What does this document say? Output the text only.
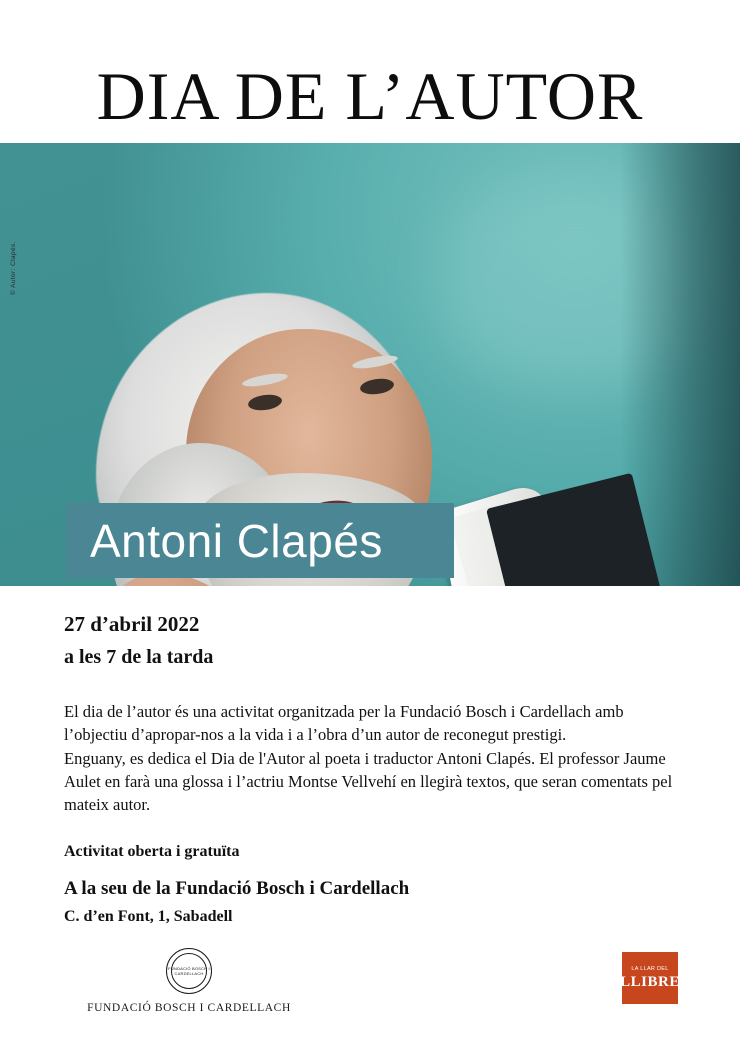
DIA DE L’AUTOR
© Autor: Clapés.
Antoni Clapés
27 d’abril 2022
a les 7 de la tarda

El dia de l’autor és una activitat organitzada per la Fundació Bosch i Cardellach amb l’objectiu d’apropar-nos a la vida i a l’obra d’un autor de reconegut prestigi.

Enguany, es dedica el Dia de l'Autor al poeta i traductor Antoni Clapés. El professor Jaume Aulet en farà una glossa i l’actriu Montse Vellvehí en llegirà textos, que seran comentats pel mateix autor.

Activitat oberta i gratuïta
A la seu de la Fundació Bosch i Cardellach
C. d’en Font, 1, Sabadell
FUNDACIÓ BOSCH I CARDELLACH
FUNDACIÓ BOSCH I CARDELLACH
LA LLAR DEL
LLIBRE
